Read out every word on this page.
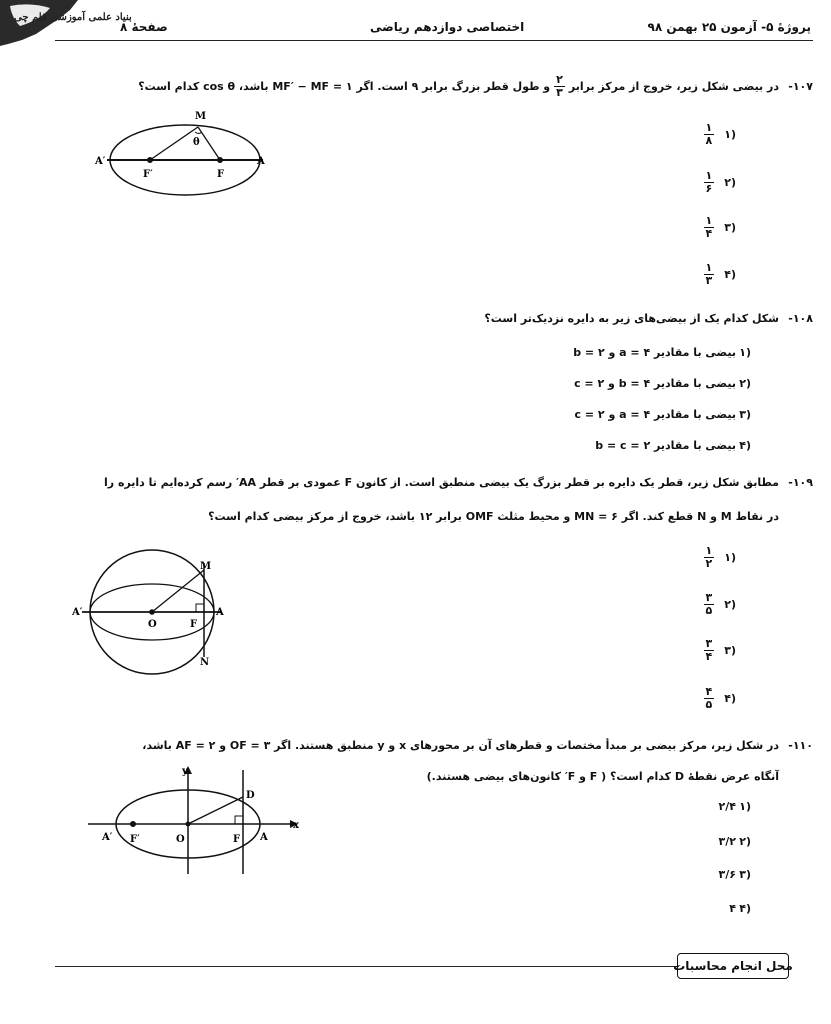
بنیاد علمی آموزشی قلم چی
پروژهٔ ۵- آزمون ۲۵ بهمن ۹۸
اختصاصی دوازدهم ریاضی
صفحهٔ ۸
-۱۰۷
در بیضی شکل زیر، خروج از مرکز برابر
$\frac{۲}{۳}$
و طول قطر بزرگ برابر ۹ است. اگر MF′ − MF = ۱ باشد، cos θ کدام است؟
A′	A
F′	F
M
θ	$\frac{۱}{۸}$ ۱)
$\frac{۱}{۶}$ ۲)
$\frac{۱}{۴}$ ۳)
$\frac{۱}{۳}$ ۴)
-۱۰۸
شکل کدام یک از بیضی‌های زیر به دایره نزدیک‌تر است؟
بیضی با مقادیر a = ۴ و b = ۲ ۱)
بیضی با مقادیر b = ۴ و c = ۲ ۲)
بیضی با مقادیر a = ۴ و c = ۲ ۳)
بیضی با مقادیر b = c = ۲ ۴)
-۱۰۹
مطابق شکل زیر، قطر یک دایره بر قطر بزرگ یک بیضی منطبق است. از کانون F عمودی بر قطر AA′ رسم کرده‌ایم تا دایره را
در نقاط M و N قطع کند. اگر MN = ۶ و محیط مثلث OMF برابر ۱۲ باشد، خروج از مرکز بیضی کدام است؟
A′	A
O	F
M
N
$\frac{۱}{۲}$ ۱)
$\frac{۳}{۵}$ ۲)
$\frac{۳}{۴}$ ۳)
$\frac{۴}{۵}$ ۴)
-۱۱۰
در شکل زیر، مرکز بیضی بر مبدأ مختصات و قطرهای آن بر محورهای x و y منطبق هستند. اگر OF = ۳ و AF = ۲ باشد،
آنگاه عرض نقطهٔ D کدام است؟ ( F و F′ کانون‌های بیضی هستند.)
y
x
A′ F′	O	F A
D
۲/۴ ۱)
۳/۲ ۲)
۳/۶ ۳)
۴ ۴)
محل انجام محاسبات
